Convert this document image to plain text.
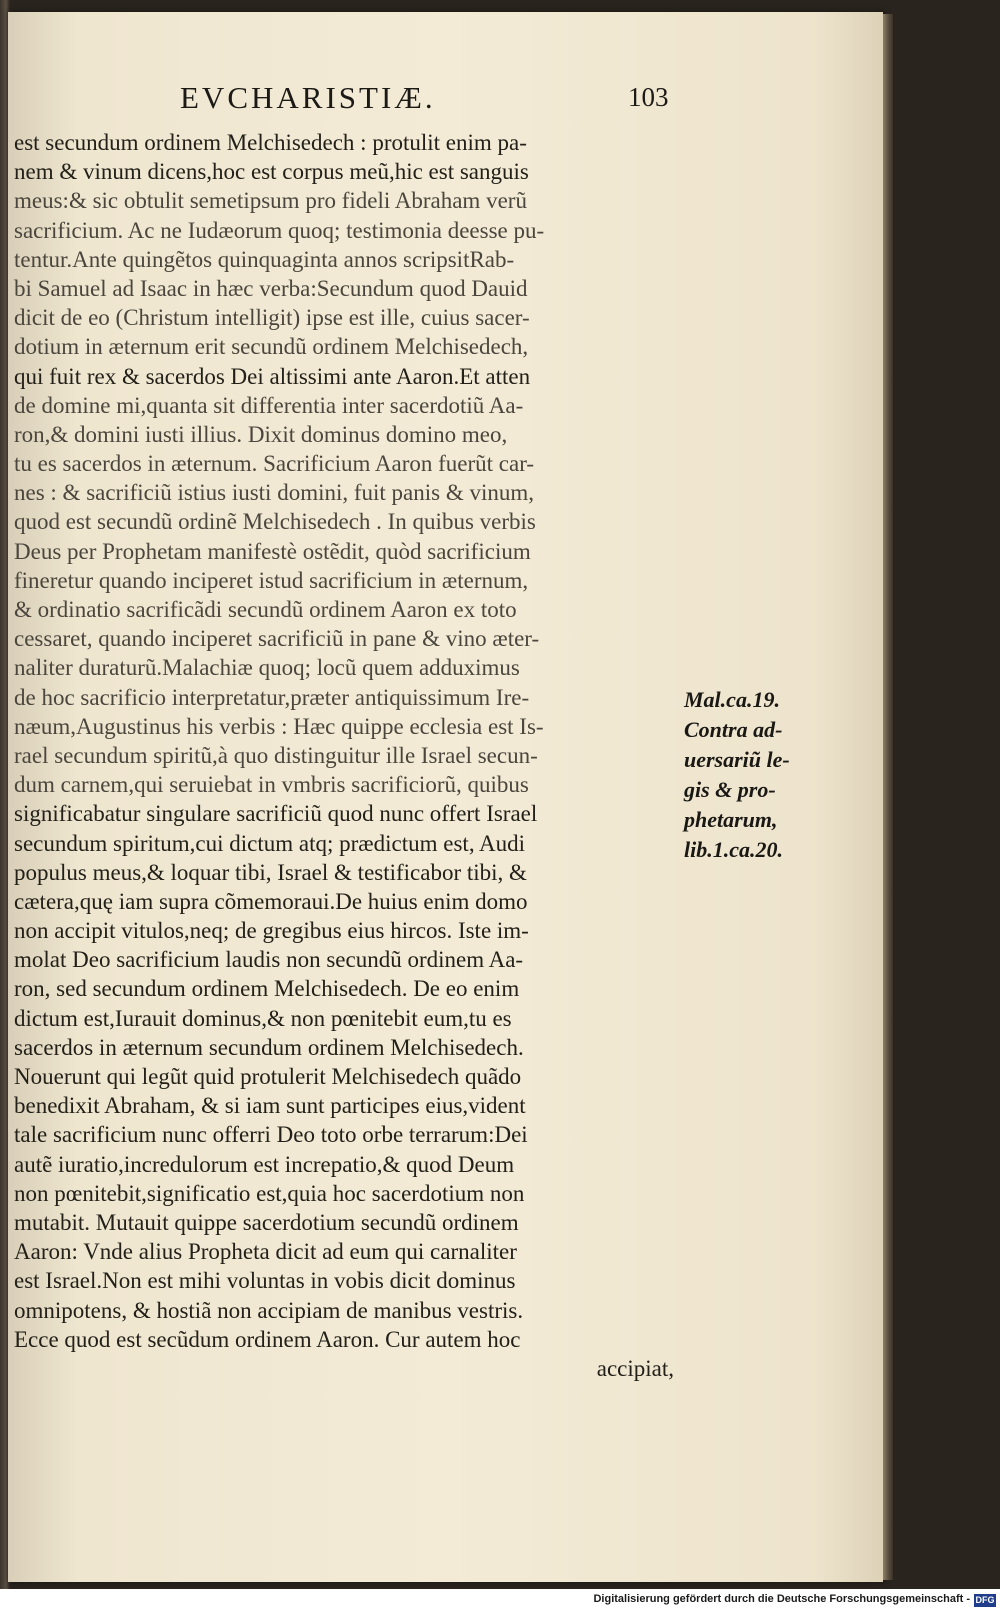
EVCHARISTIÆ.	103
est secundum ordinem Melchisedech : protulit enim pa-
nem & vinum dicens,hoc est corpus meũ,hic est sanguis
meus:& sic obtulit semetipsum pro fideli Abraham verũ
sacrificium. Ac ne Iudæorum quoq; testimonia deesse pu-
tentur.Ante quingẽtos quinquaginta annos scripsitRab-
bi Samuel ad Isaac in hæc verba:Secundum quod Dauid
dicit de eo (Christum intelligit) ipse est ille, cuius sacer-
dotium in æternum erit secundũ ordinem Melchisedech,
qui fuit rex & sacerdos Dei altissimi ante Aaron.Et atten
de domine mi,quanta sit differentia inter sacerdotiũ Aa-
ron,& domini iusti illius. Dixit dominus domino meo,
tu es sacerdos in æternum. Sacrificium Aaron fuerũt car-
nes : & sacrificiũ istius iusti domini, fuit panis & vinum,
quod est secundũ ordinẽ Melchisedech . In quibus verbis
Deus per Prophetam manifestè ostẽdit, quòd sacrificium
fineretur quando inciperet istud sacrificium in æternum,
& ordinatio sacrificãdi secundũ ordinem Aaron ex toto
cessaret, quando inciperet sacrificiũ in pane & vino æter-
naliter duraturũ.Malachiæ quoq; locũ quem adduximus
de hoc sacrificio interpretatur,præter antiquissimum Ire-
næum,Augustinus his verbis : Hæc quippe ecclesia est Is-
rael secundum spiritũ,à quo distinguitur ille Israel secun-
dum carnem,qui seruiebat in vmbris sacrificiorũ, quibus
significabatur singulare sacrificiũ quod nunc offert Israel
secundum spiritum,cui dictum atq; prædictum est, Audi
populus meus,& loquar tibi, Israel & testificabor tibi, &
cætera,quę iam supra cõmemoraui.De huius enim domo
non accipit vitulos,neq; de gregibus eius hircos. Iste im-
molat Deo sacrificium laudis non secundũ ordinem Aa-
ron, sed secundum ordinem Melchisedech. De eo enim
dictum est,Iurauit dominus,& non pœnitebit eum,tu es
sacerdos in æternum secundum ordinem Melchisedech.
Nouerunt qui legũt quid protulerit Melchisedech quãdo
benedixit Abraham, & si iam sunt participes eius,vident
tale sacrificium nunc offerri Deo toto orbe terrarum:Dei
autẽ iuratio,incredulorum est increpatio,& quod Deum
non pœnitebit,significatio est,quia hoc sacerdotium non
mutabit. Mutauit quippe sacerdotium secundũ ordinem
Aaron: Vnde alius Propheta dicit ad eum qui carnaliter
est Israel.Non est mihi voluntas in vobis dicit dominus
omnipotens, & hostiã non accipiam de manibus vestris.
Ecce quod est secũdum ordinem Aaron. Cur autem hoc
accipiat,
Mal.ca.19.
Contra ad-
uersariũ le-
gis & pro-
phetarum,
lib.1.ca.20.
Digitalisierung gefördert durch die Deutsche Forschungsgemeinschaft - DFG
